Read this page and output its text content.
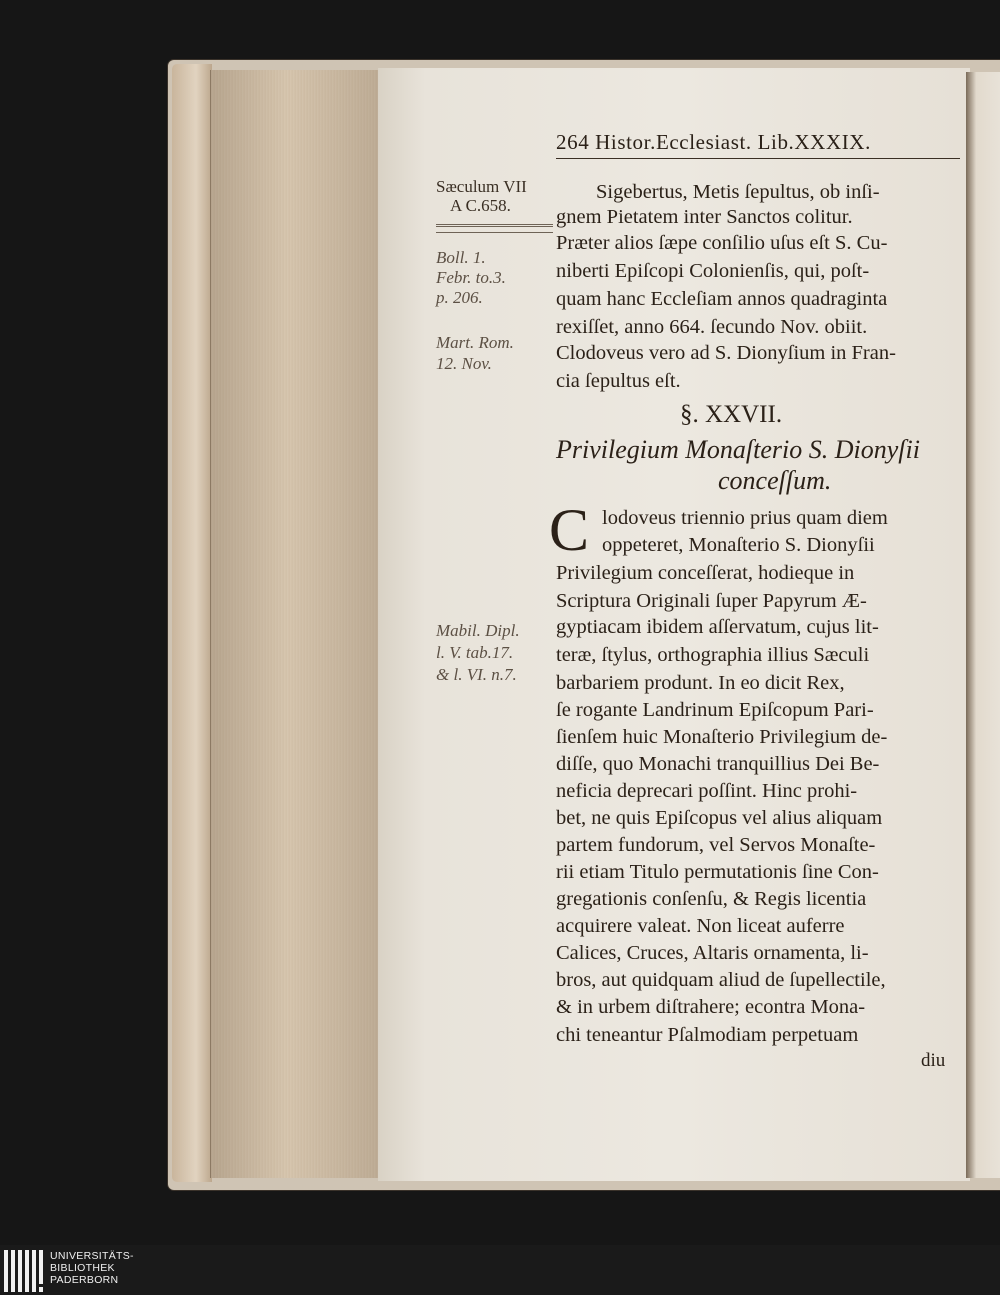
264 Histor.Ecclesiast. Lib.XXXIX.
Sæculum VII
A C.658.
Boll. 1.
Febr. to.3.
p. 206.
Mart. Rom.
12. Nov.
Mabil. Dipl.
l. V. tab.17.
& l. VI. n.7.
Sigebertus, Metis ſepultus, ob inſi-
gnem Pietatem inter Sanctos colitur.
Præter alios ſæpe conſilio uſus eſt S. Cu-
niberti Epiſcopi Colonienſis, qui, poſt-
quam hanc Eccleſiam annos quadraginta
rexiſſet, anno 664. ſecundo Nov. obiit.
Clodoveus vero ad S. Dionyſium in Fran-
cia ſepultus eſt.
§. XXVII.
Privilegium Monaſterio S. Dionyſii
conceſſum.
C lodoveus triennio prius quam diem
oppeteret, Monaſterio S. Dionyſii
Privilegium conceſſerat, hodieque in
Scriptura Originali ſuper Papyrum Æ-
gyptiacam ibidem aſſervatum, cujus lit-
teræ, ſtylus, orthographia illius Sæculi
barbariem produnt. In eo dicit Rex,
ſe rogante Landrinum Epiſcopum Pari-
ſienſem huic Monaſterio Privilegium de-
diſſe, quo Monachi tranquillius Dei Be-
neficia deprecari poſſint. Hinc prohi-
bet, ne quis Epiſcopus vel alius aliquam
partem fundorum, vel Servos Monaſte-
rii etiam Titulo permutationis ſine Con-
gregationis conſenſu, & Regis licentia
acquirere valeat. Non liceat auferre
Calices, Cruces, Altaris ornamenta, li-
bros, aut quidquam aliud de ſupellectile,
& in urbem diſtrahere; econtra Mona-
chi teneantur Pſalmodiam perpetuam
diu
UNIVERSITÄTS-
BIBLIOTHEK
PADERBORN
